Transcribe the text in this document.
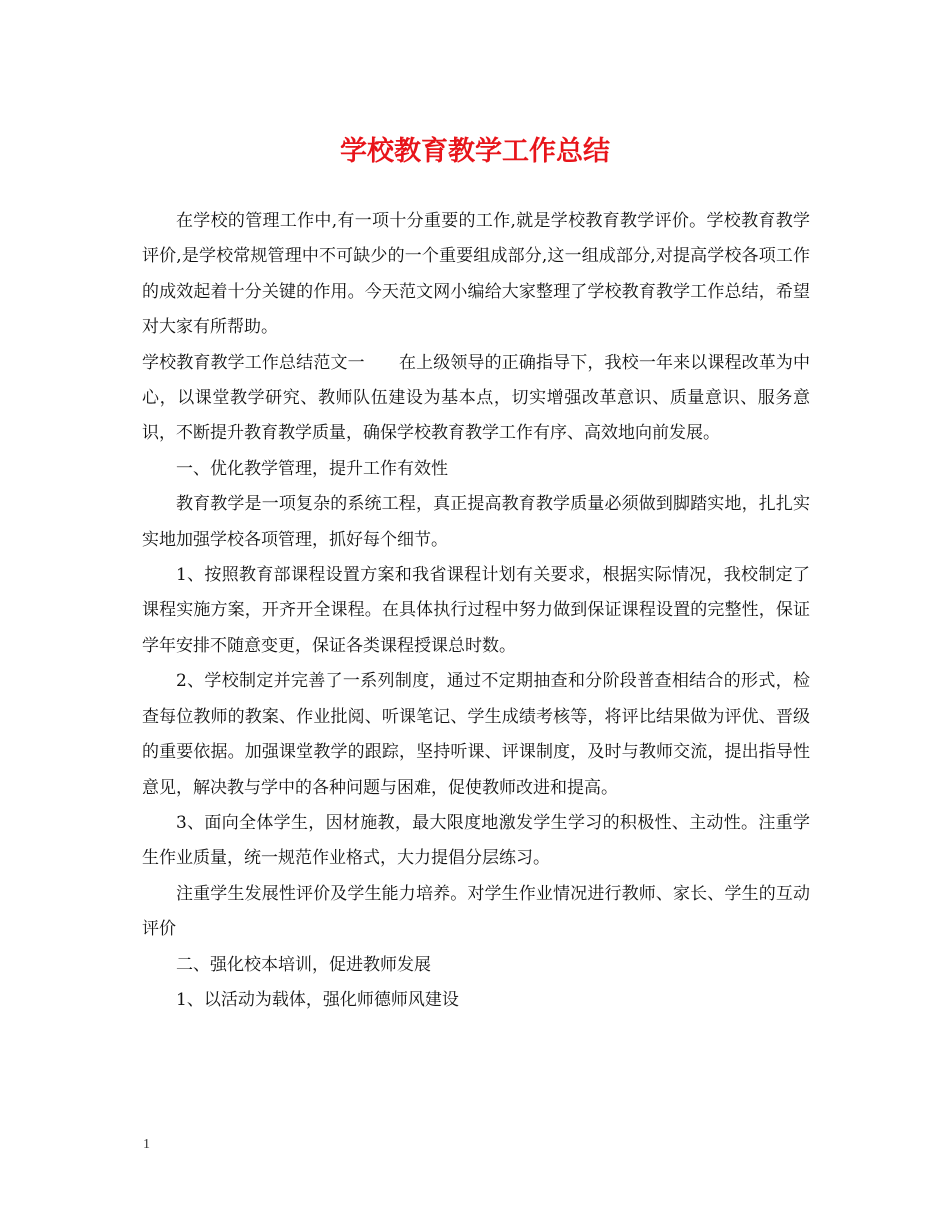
学校教育教学工作总结

在学校的管理工作中,有一项十分重要的工作,就是学校教育教学评价。学校教育教学评价,是学校常规管理中不可缺少的一个重要组成部分,这一组成部分,对提高学校各项工作的成效起着十分关键的作用。今天范文网小编给大家整理了学校教育教学工作总结，希望对大家有所帮助。

学校教育教学工作总结范文一　　在上级领导的正确指导下，我校一年来以课程改革为中心，以课堂教学研究、教师队伍建设为基本点，切实增强改革意识、质量意识、服务意识，不断提升教育教学质量，确保学校教育教学工作有序、高效地向前发展。

一、优化教学管理，提升工作有效性

教育教学是一项复杂的系统工程，真正提高教育教学质量必须做到脚踏实地，扎扎实实地加强学校各项管理，抓好每个细节。

1、按照教育部课程设置方案和我省课程计划有关要求，根据实际情况，我校制定了课程实施方案，开齐开全课程。在具体执行过程中努力做到保证课程设置的完整性，保证学年安排不随意变更，保证各类课程授课总时数。

2、学校制定并完善了一系列制度，通过不定期抽查和分阶段普查相结合的形式，检查每位教师的教案、作业批阅、听课笔记、学生成绩考核等，将评比结果做为评优、晋级的重要依据。加强课堂教学的跟踪，坚持听课、评课制度，及时与教师交流，提出指导性意见，解决教与学中的各种问题与困难，促使教师改进和提高。

3、面向全体学生，因材施教，最大限度地激发学生学习的积极性、主动性。注重学生作业质量，统一规范作业格式，大力提倡分层练习。

注重学生发展性评价及学生能力培养。对学生作业情况进行教师、家长、学生的互动评价

二、强化校本培训，促进教师发展

1、以活动为载体，强化师德师风建设

1
